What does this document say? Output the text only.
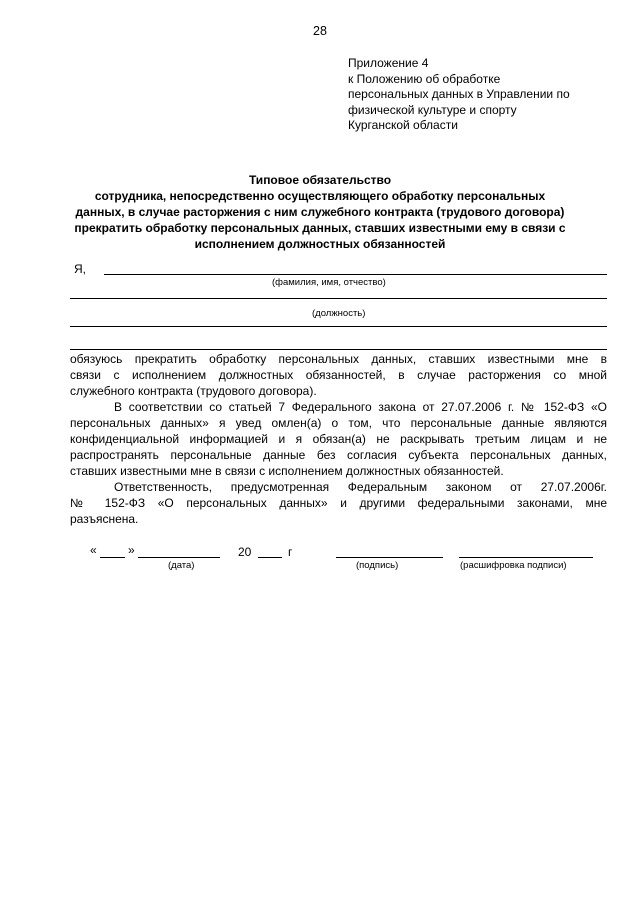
28
Приложение 4
к Положению об обработке
персональных данных в Управлении по
физической культуре и спорту
Курганской области
Типовое обязательство
сотрудника, непосредственно осуществляющего обработку персональных
данных, в случае расторжения с ним служебного контракта (трудового договора)
прекратить обработку персональных данных, ставших известными ему в связи с
исполнением должностных обязанностей
Я,
(фамилия, имя, отчество)
(должность)
обязуюсь прекратить обработку персональных данных, ставших известными мне в
связи с исполнением должностных обязанностей, в случае расторжения со мной
служебного контракта (трудового договора).
В соответствии со статьей 7 Федерального закона от 27.07.2006 г. № 152-ФЗ «О
персональных данных» я увед омлен(а) о том, что персональные данные являются
конфиденциальной информацией и я обязан(а) не раскрывать третьим лицам и не
распространять персональные данные без согласия субъекта персональных данных,
ставших известными мне в связи с исполнением должностных обязанностей.
Ответственность, предусмотренная Федеральным законом от 27.07.2006г.
№ 152-ФЗ «О персональных данных» и другими федеральными законами, мне
разъяснена.
«	»	20	г
(дата)	(подпись)	(расшифровка подписи)
